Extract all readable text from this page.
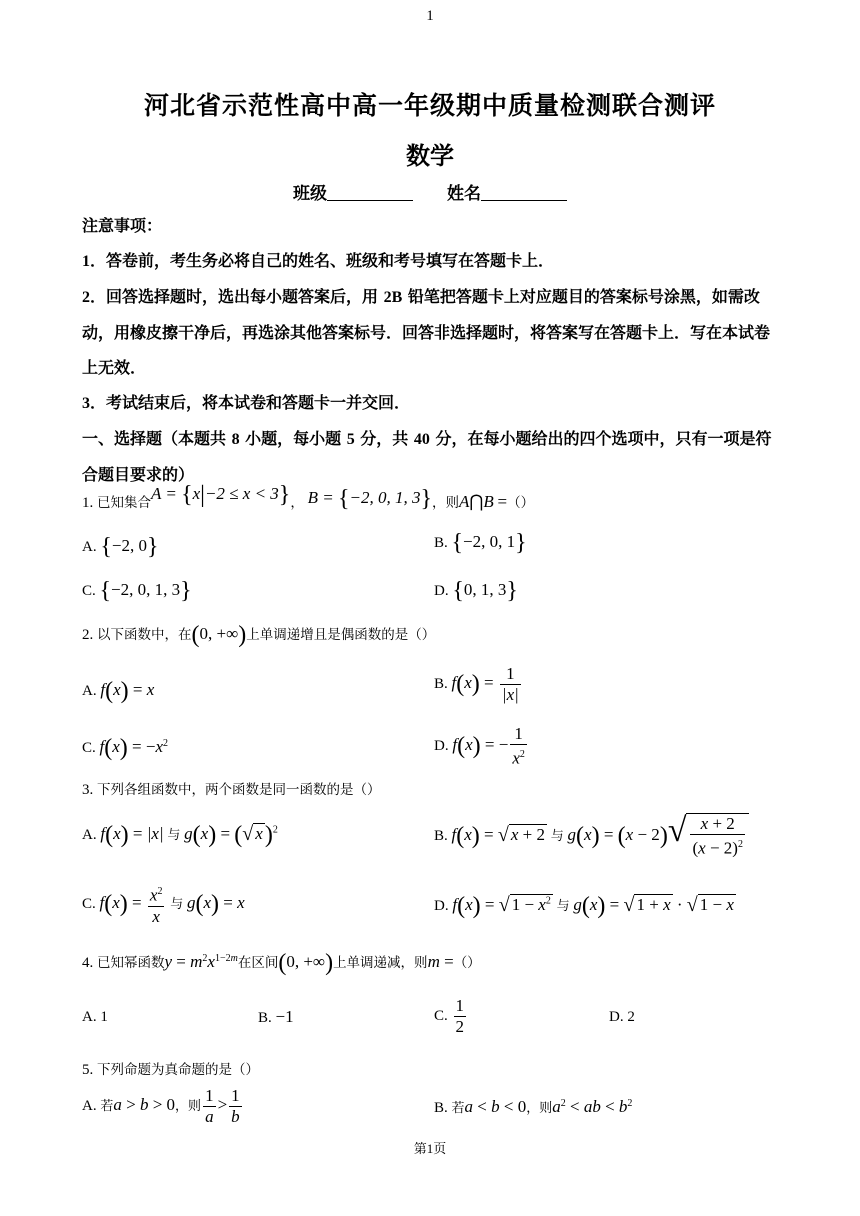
1
河北省示范性高中高一年级期中质量检测联合测评
数学
班级	姓名

注意事项：

1．答卷前，考生务必将自己的姓名、班级和考号填写在答题卡上．

2．回答选择题时，选出每小题答案后，用 2B 铅笔把答题卡上对应题目的答案标号涂黑，如需改动，用橡皮擦干净后，再选涂其他答案标号．回答非选择题时，将答案写在答题卡上．写在本试卷上无效．

3．考试结束后，将本试卷和答题卡一并交回．

一、选择题（本题共 8 小题，每小题 5 分，共 40 分，在每小题给出的四个选项中，只有一项是符合题目要求的）

1. 已知集合A = {x|−2 ≤ x < 3}， B = {−2, 0, 1, 3}，则A⋂B =（）
A. {−2, 0}	B. {−2, 0, 1}
C. {−2, 0, 1, 3}	D. {0, 1, 3}
2. 以下函数中，在(0, +∞)上单调递增且是偶函数的是（）
A. f(x) = x	B. $f(x) = \frac{1}{|x|}$
C. $f(x) = -x^2$	D. f(x) = − $\frac{1}{x^2}$
3. 下列各组函数中，两个函数是同一函数的是（）
A. f(x) = |x| 与 g(x) = (√ x)$^2$	B. f(x) = √ x + 2 与 $g(x) = (x - 2)√ \frac{x + 2}{(x - 2)^2}$
C. $f(x) = \frac{x^2}{x}$ 与 g(x) = x	D. f(x) = √ $1 - x^2$ 与 g(x) = √ 1 + x · √ 1 − x
4. 已知幂函数$y = m^2x^{1-2m}$在区间(0, +∞)上单调递减，则m =（）
A. 1	B. −1	C. $\frac{1}{2}$	D. 2
5. 下列命题为真命题的是（）
A. 若a > b > 0，则 $\frac{1}{a} > \frac{1}{b}$	B. 若a < b < 0，则$a^2$ < ab < $b^2$
第1页
